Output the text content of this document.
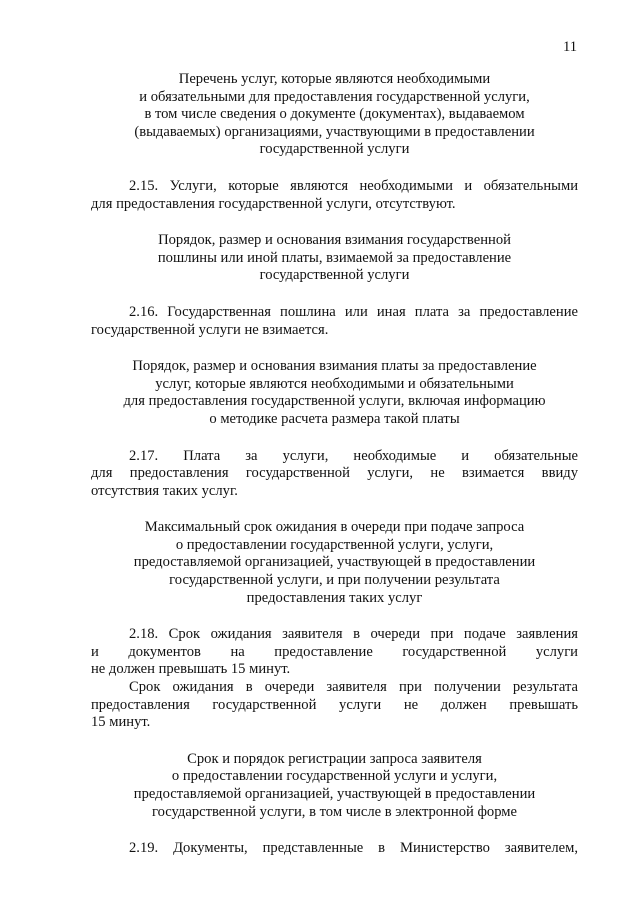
11
Перечень услуг, которые являются необходимыми
и обязательными для предоставления государственной услуги,
в том числе сведения о документе (документах), выдаваемом
(выдаваемых) организациями, участвующими в предоставлении
государственной услуги
2.15. Услуги, которые являются необходимыми и обязательными
для предоставления государственной услуги, отсутствуют.
Порядок, размер и основания взимания государственной
пошлины или иной платы, взимаемой за предоставление
государственной услуги
2.16. Государственная пошлина или иная плата за предоставление
государственной услуги не взимается.
Порядок, размер и основания взимания платы за предоставление
услуг, которые являются необходимыми и обязательными
для предоставления государственной услуги, включая информацию
о методике расчета размера такой платы
2.17. Плата за услуги, необходимые и обязательные
для предоставления государственной услуги, не взимается ввиду
отсутствия таких услуг.
Максимальный срок ожидания в очереди при подаче запроса
о предоставлении государственной услуги, услуги,
предоставляемой организацией, участвующей в предоставлении
государственной услуги, и при получении результата
предоставления таких услуг
2.18. Срок ожидания заявителя в очереди при подаче заявления
и документов на предоставление государственной услуги
не должен превышать 15 минут.
Срок ожидания в очереди заявителя при получении результата
предоставления государственной услуги не должен превышать
15 минут.
Срок и порядок регистрации запроса заявителя
о предоставлении государственной услуги и услуги,
предоставляемой организацией, участвующей в предоставлении
государственной услуги, в том числе в электронной форме
2.19. Документы, представленные в Министерство заявителем,
